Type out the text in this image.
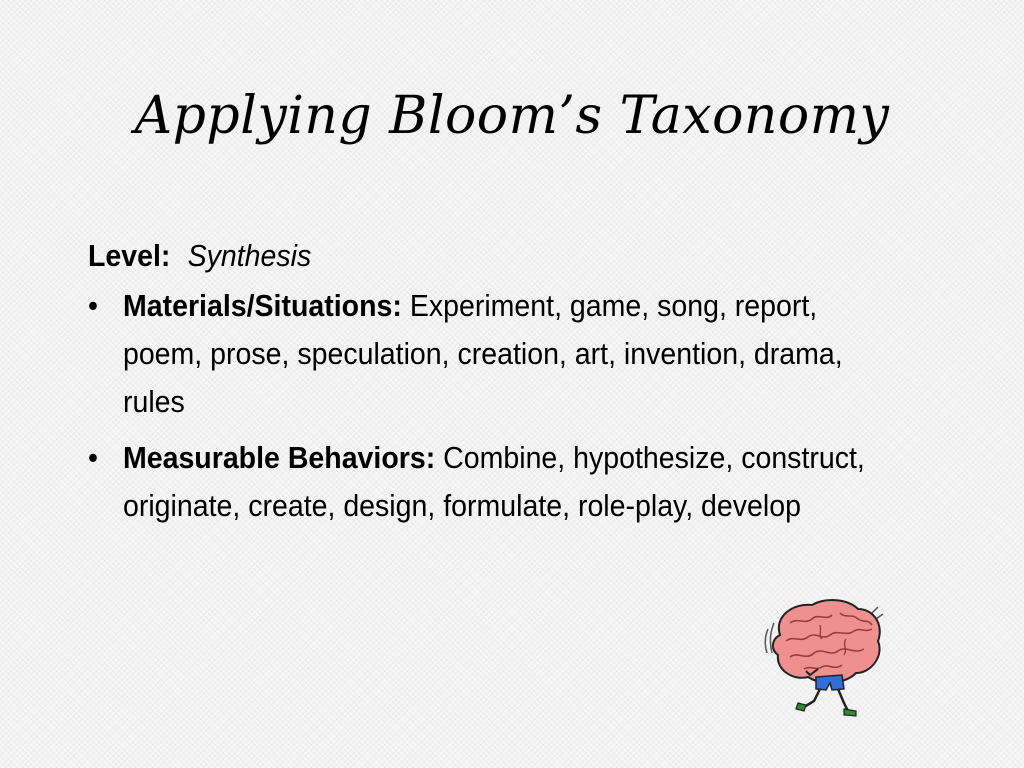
Applying Bloom’s Taxonomy
Level: Synthesis
• Materials/Situations: Experiment, game, song, report, poem, prose, speculation, creation, art, invention, drama, rules
• Measurable Behaviors: Combine, hypothesize, construct, originate, create, design, formulate, role-play, develop
